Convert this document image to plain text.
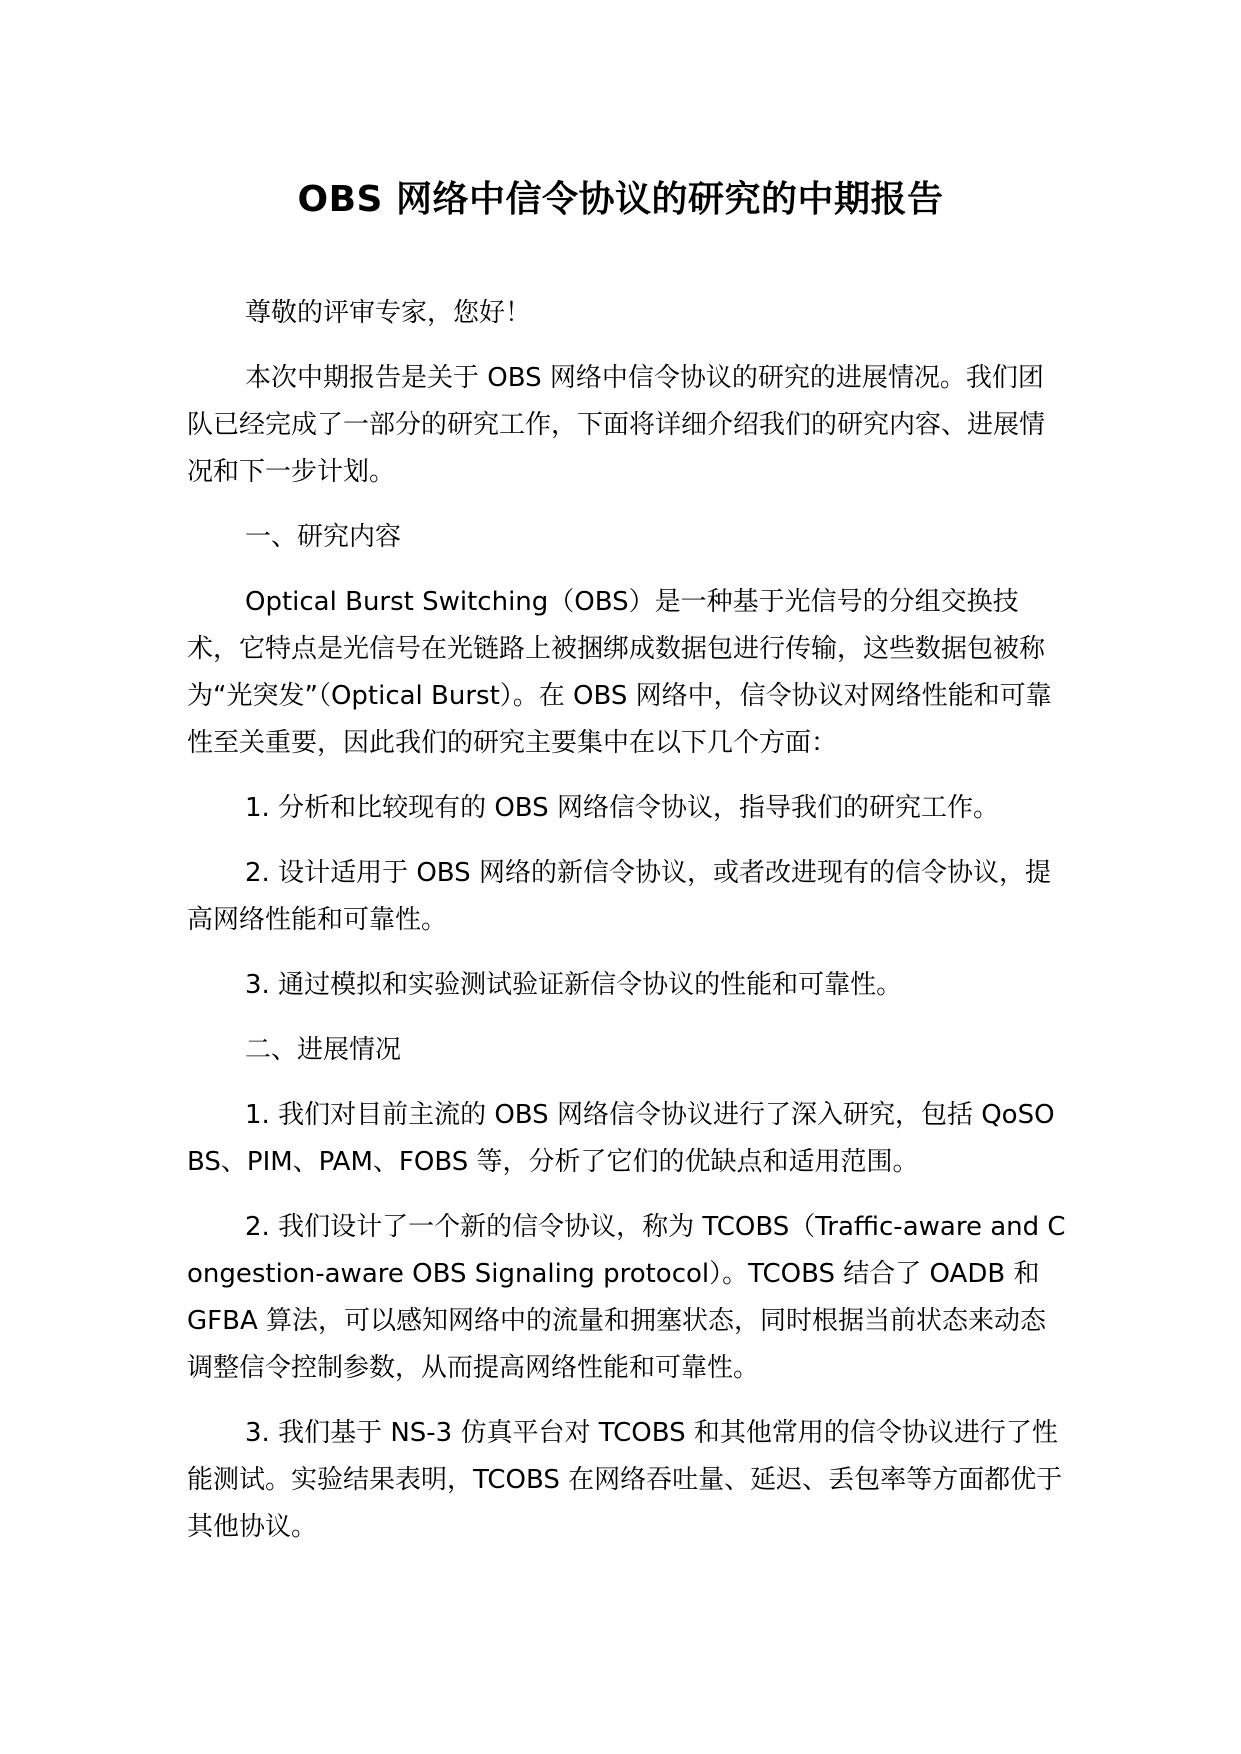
OBS 网络中信令协议的研究的中期报告

尊敬的评审专家，您好！

本次中期报告是关于 OBS 网络中信令协议的研究的进展情况。我们团队已经完成了一部分的研究工作，下面将详细介绍我们的研究内容、进展情况和下一步计划。

一、研究内容

Optical Burst Switching（OBS）是一种基于光信号的分组交换技术，它特点是光信号在光链路上被捆绑成数据包进行传输，这些数据包被称为“光突发”（Optical Burst）。在 OBS 网络中，信令协议对网络性能和可靠性至关重要，因此我们的研究主要集中在以下几个方面：

1. 分析和比较现有的 OBS 网络信令协议，指导我们的研究工作。

2. 设计适用于 OBS 网络的新信令协议，或者改进现有的信令协议，提高网络性能和可靠性。

3. 通过模拟和实验测试验证新信令协议的性能和可靠性。

二、进展情况

1. 我们对目前主流的 OBS 网络信令协议进行了深入研究，包括 QoSOBS、PIM、PAM、FOBS 等，分析了它们的优缺点和适用范围。

2. 我们设计了一个新的信令协议，称为 TCOBS（Traffic-aware and Congestion-aware OBS Signaling protocol）。TCOBS 结合了 OADB 和 GFBA 算法，可以感知网络中的流量和拥塞状态，同时根据当前状态来动态调整信令控制参数，从而提高网络性能和可靠性。

3. 我们基于 NS-3 仿真平台对 TCOBS 和其他常用的信令协议进行了性能测试。实验结果表明，TCOBS 在网络吞吐量、延迟、丢包率等方面都优于其他协议。
